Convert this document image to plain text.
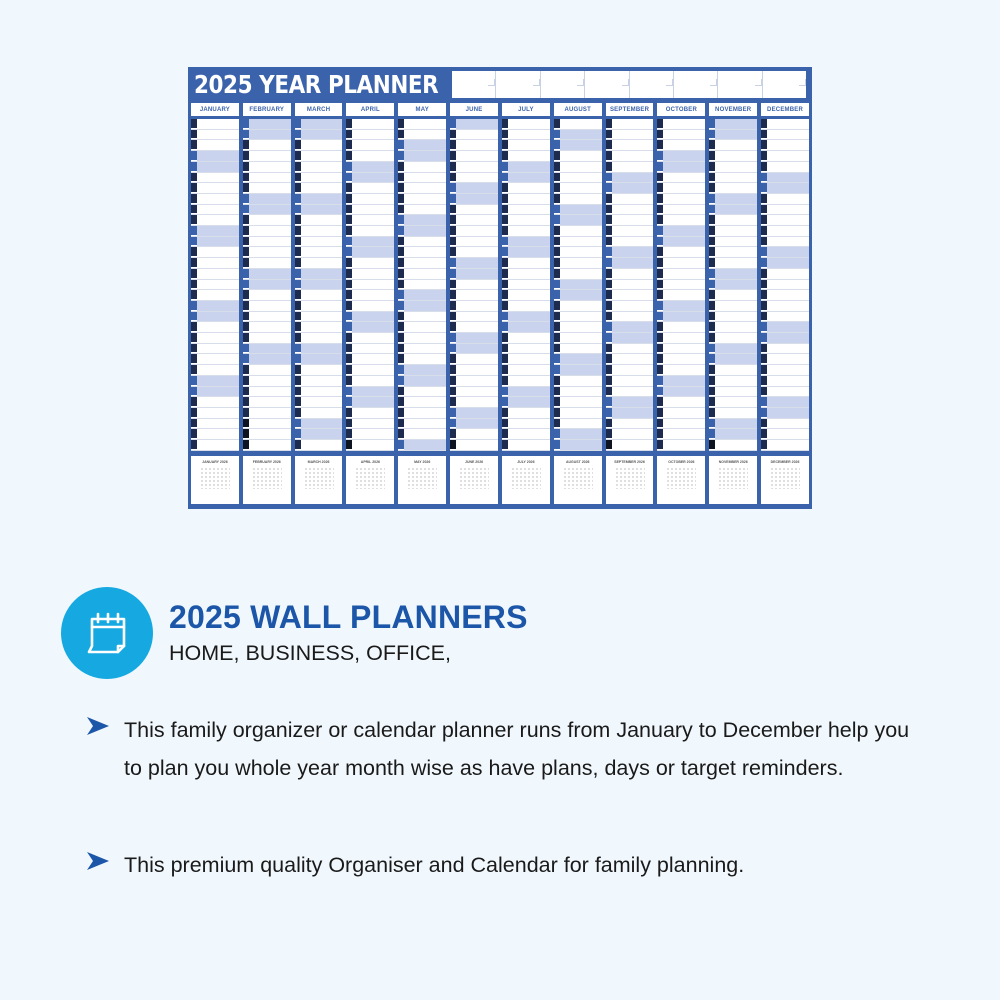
2025 YEAR PLANNER
JANUARY
JANUARY 2026
FEBRUARY
FEBRUARY 2026
MARCH
MARCH 2026
APRIL
APRIL 2026
MAY
MAY 2026
JUNE
JUNE 2026
JULY
JULY 2026
AUGUST
AUGUST 2026
SEPTEMBER
SEPTEMBER 2026
OCTOBER
OCTOBER 2026
NOVEMBER
NOVEMBER 2026
DECEMBER
DECEMBER 2026
2025 WALL PLANNERS

HOME, BUSINESS, OFFICE,

This family organizer or calendar planner runs from January to December help you to plan you whole year month wise as have plans, days or target reminders.
This premium quality Organiser and Calendar for family planning.
